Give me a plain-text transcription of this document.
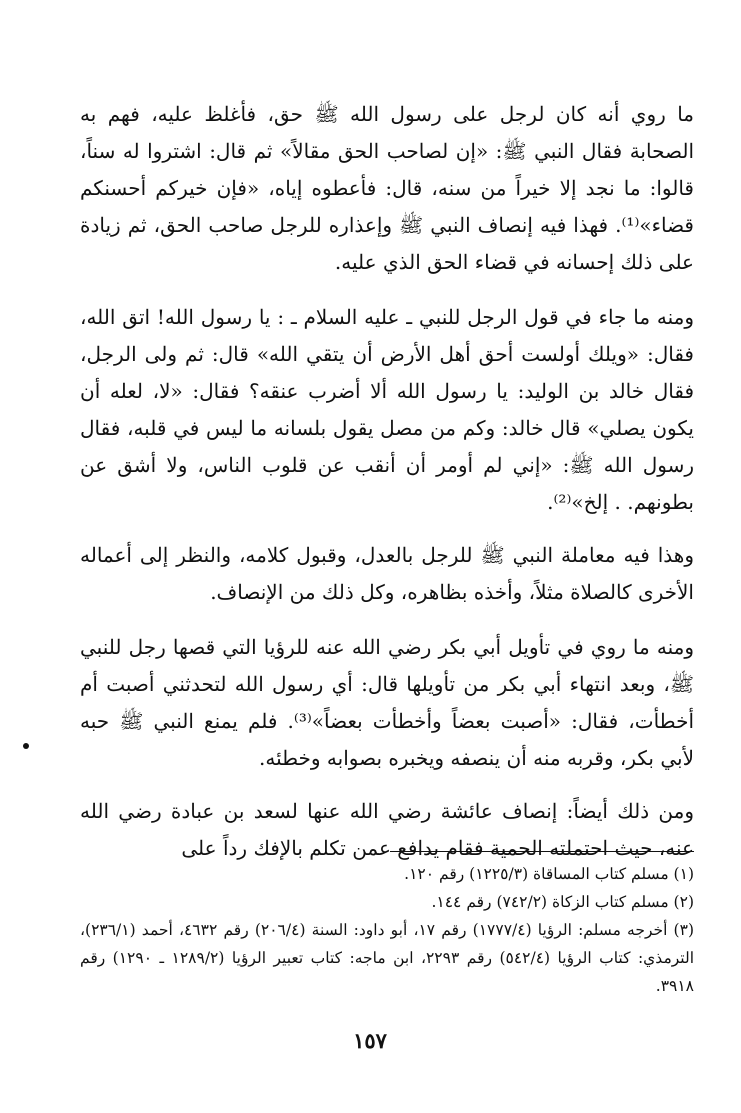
ما روي أنه كان لرجل على رسول الله ﷺ حق، فأغلظ عليه، فهم به الصحابة فقال النبي ﷺ: «إن لصاحب الحق مقالاً» ثم قال: اشتروا له سناً، قالوا: ما نجد إلا خيراً من سنه، قال: فأعطوه إياه، «فإن خيركم أحسنكم قضاء»⁽¹⁾. فهذا فيه إنصاف النبي ﷺ وإعذاره للرجل صاحب الحق، ثم زيادة على ذلك إحسانه في قضاء الحق الذي عليه.

ومنه ما جاء في قول الرجل للنبي ـ عليه السلام ـ : يا رسول الله! اتق الله، فقال: «ويلك أولست أحق أهل الأرض أن يتقي الله» قال: ثم ولى الرجل، فقال خالد بن الوليد: يا رسول الله ألا أضرب عنقه؟ فقال: «لا، لعله أن يكون يصلي» قال خالد: وكم من مصل يقول بلسانه ما ليس في قلبه، فقال رسول الله ﷺ: «إني لم أومر أن أنقب عن قلوب الناس، ولا أشق عن بطونهم. . إلخ»⁽²⁾.

وهذا فيه معاملة النبي ﷺ للرجل بالعدل، وقبول كلامه، والنظر إلى أعماله الأخرى كالصلاة مثلاً، وأخذه بظاهره، وكل ذلك من الإنصاف.

ومنه ما روي في تأويل أبي بكر رضي الله عنه للرؤيا التي قصها رجل للنبي ﷺ، وبعد انتهاء أبي بكر من تأويلها قال: أي رسول الله لتحدثني أصبت أم أخطأت، فقال: «أصبت بعضاً وأخطأت بعضاً»⁽³⁾. فلم يمنع النبي ﷺ حبه لأبي بكر، وقربه منه أن ينصفه ويخبره بصوابه وخطئه.

ومن ذلك أيضاً: إنصاف عائشة رضي الله عنها لسعد بن عبادة رضي الله عنه، حيث احتملته الحمية فقام يدافع عمن تكلم بالإفك رداً على

(١) مسلم كتاب المساقاة (١٢٢٥/٣) رقم ١٢٠.

(٢) مسلم كتاب الزكاة (٧٤٢/٢) رقم ١٤٤.

(٣) أخرجه مسلم: الرؤيا (١٧٧٧/٤) رقم ١٧، أبو داود: السنة (٢٠٦/٤) رقم ٤٦٣٢، أحمد (٢٣٦/١)، الترمذي: كتاب الرؤيا (٥٤٢/٤) رقم ٢٢٩٣، ابن ماجه: كتاب تعبير الرؤيا (١٢٨٩/٢ ـ ١٢٩٠) رقم ٣٩١٨.

١٥٧
